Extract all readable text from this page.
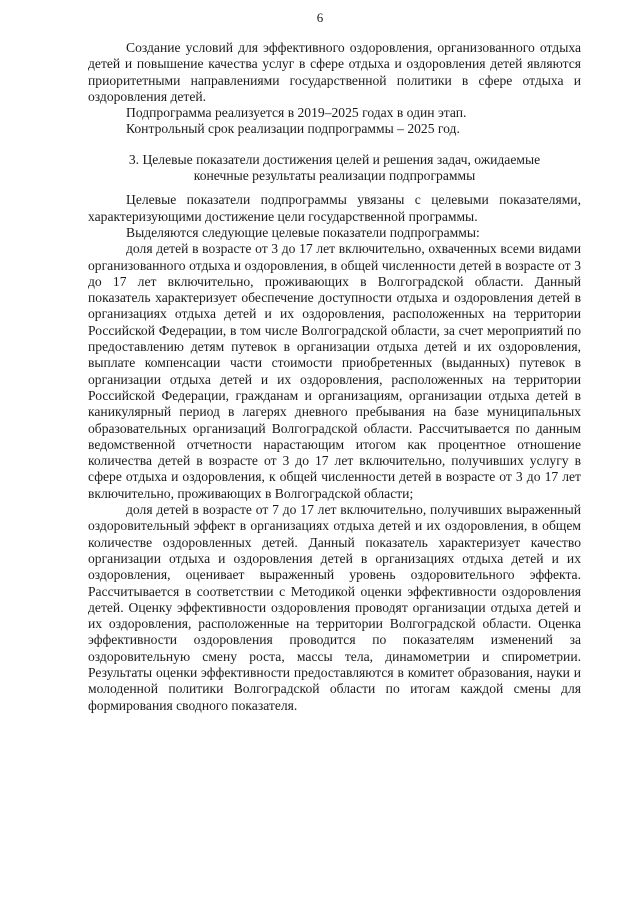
6

Создание условий для эффективного оздоровления, организованного отдыха детей и повышение качества услуг в сфере отдыха и оздоровления детей являются приоритетными направлениями государственной политики в сфере отдыха и оздоровления детей.

Подпрограмма реализуется в 2019–2025 годах в один этап.

Контрольный срок реализации подпрограммы – 2025 год.

3. Целевые показатели достижения целей и решения задач, ожидаемые конечные результаты реализации подпрограммы

Целевые показатели подпрограммы увязаны с целевыми показателями, характеризующими достижение цели государственной программы.

Выделяются следующие целевые показатели подпрограммы:

доля детей в возрасте от 3 до 17 лет включительно, охваченных всеми видами организованного отдыха и оздоровления, в общей численности детей в возрасте от 3 до 17 лет включительно, проживающих в Волгоградской области. Данный показатель характеризует обеспечение доступности отдыха и оздоровления детей в организациях отдыха детей и их оздоровления, расположенных на территории Российской Федерации, в том числе Волгоградской области, за счет мероприятий по предоставлению детям путевок в организации отдыха детей и их оздоровления, выплате компенсации части стоимости приобретенных (выданных) путевок в организации отдыха детей и их оздоровления, расположенных на территории Российской Федерации, гражданам и организациям, организации отдыха детей в каникулярный период в лагерях дневного пребывания на базе муниципальных образовательных организаций Волгоградской области. Рассчитывается по данным ведомственной отчетности нарастающим итогом как процентное отношение количества детей в возрасте от 3 до 17 лет включительно, получивших услугу в сфере отдыха и оздоровления, к общей численности детей в возрасте от 3 до 17 лет включительно, проживающих в Волгоградской области;

доля детей в возрасте от 7 до 17 лет включительно, получивших выраженный оздоровительный эффект в организациях отдыха детей и их оздоровления, в общем количестве оздоровленных детей. Данный показатель характеризует качество организации отдыха и оздоровления детей в организациях отдыха детей и их оздоровления, оценивает выраженный уровень оздоровительного эффекта. Рассчитывается в соответствии с Методикой оценки эффективности оздоровления детей. Оценку эффективности оздоровления проводят организации отдыха детей и их оздоровления, расположенные на территории Волгоградской области. Оценка эффективности оздоровления проводится по показателям изменений за оздоровительную смену роста, массы тела, динамометрии и спирометрии. Результаты оценки эффективности предоставляются в комитет образования, науки и молоденной политики Волгоградской области по итогам каждой смены для формирования сводного показателя.
